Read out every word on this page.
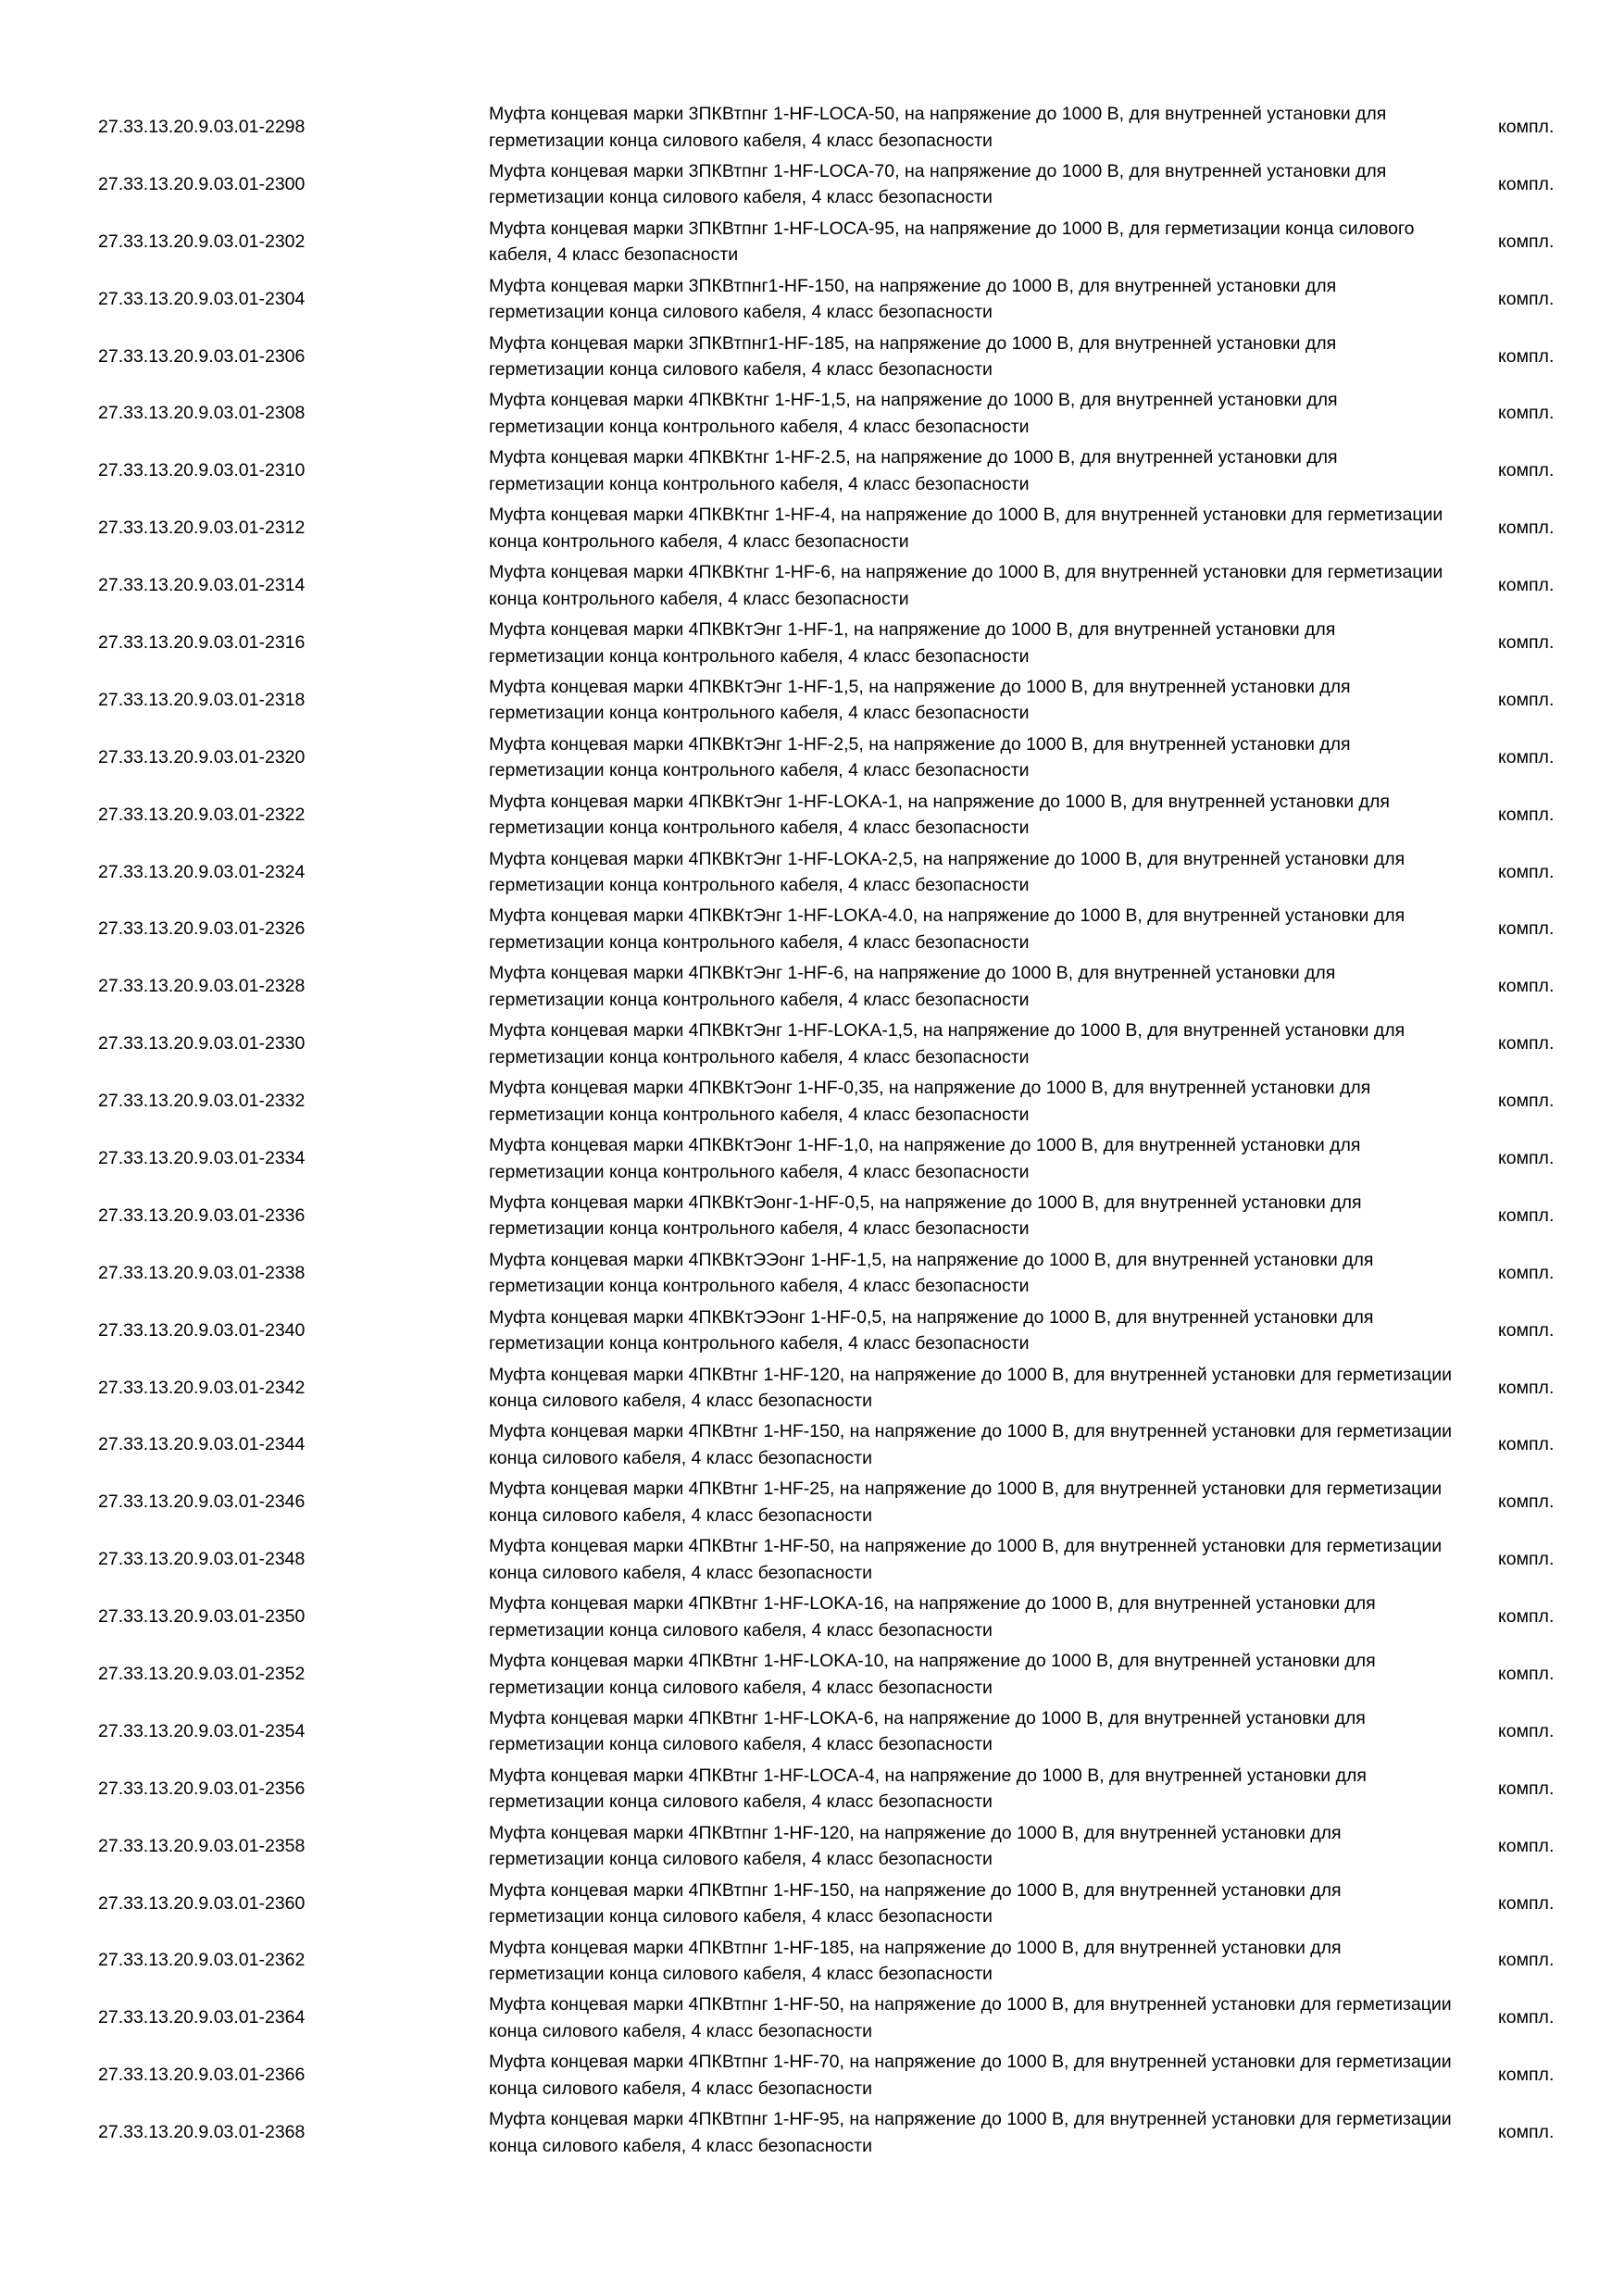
27.33.13.20.9.03.01-2298
Муфта концевая марки 3ПКВтпнг 1-HF-LOCA-50, на напряжение до 1000 В, для внутренней установки для герметизации конца силового кабеля, 4 класс безопасности
компл.
27.33.13.20.9.03.01-2300
Муфта концевая марки 3ПКВтпнг 1-HF-LOCA-70, на напряжение до 1000 В, для внутренней установки для герметизации конца силового кабеля, 4 класс безопасности
компл.
27.33.13.20.9.03.01-2302
Муфта концевая марки 3ПКВтпнг 1-HF-LOCA-95, на напряжение до 1000 В, для герметизации конца силового кабеля, 4 класс безопасности
компл.
27.33.13.20.9.03.01-2304
Муфта концевая марки 3ПКВтпнг1-HF-150, на напряжение до 1000 В, для внутренней установки для герметизации конца силового кабеля, 4 класс безопасности
компл.
27.33.13.20.9.03.01-2306
Муфта концевая марки 3ПКВтпнг1-HF-185, на напряжение до 1000 В, для внутренней установки для герметизации конца силового кабеля, 4 класс безопасности
компл.
27.33.13.20.9.03.01-2308
Муфта концевая марки 4ПКВКтнг 1-HF-1,5, на напряжение до 1000 В, для внутренней установки для герметизации конца контрольного кабеля, 4 класс безопасности
компл.
27.33.13.20.9.03.01-2310
Муфта концевая марки 4ПКВКтнг 1-HF-2.5, на напряжение до 1000 В, для внутренней установки для герметизации конца контрольного кабеля, 4 класс безопасности
компл.
27.33.13.20.9.03.01-2312
Муфта концевая марки 4ПКВКтнг 1-HF-4, на напряжение до 1000 В, для внутренней установки для герметизации конца контрольного кабеля, 4 класс безопасности
компл.
27.33.13.20.9.03.01-2314
Муфта концевая марки 4ПКВКтнг 1-HF-6, на напряжение до 1000 В, для внутренней установки для герметизации конца контрольного кабеля, 4 класс безопасности
компл.
27.33.13.20.9.03.01-2316
Муфта концевая марки 4ПКВКтЭнг 1-HF-1, на напряжение до 1000 В, для внутренней установки для герметизации конца контрольного кабеля, 4 класс безопасности
компл.
27.33.13.20.9.03.01-2318
Муфта концевая марки 4ПКВКтЭнг 1-HF-1,5, на напряжение до 1000 В, для внутренней установки для герметизации конца контрольного кабеля, 4 класс безопасности
компл.
27.33.13.20.9.03.01-2320
Муфта концевая марки 4ПКВКтЭнг 1-HF-2,5, на напряжение до 1000 В, для внутренней установки для герметизации конца контрольного кабеля, 4 класс безопасности
компл.
27.33.13.20.9.03.01-2322
Муфта концевая марки 4ПКВКтЭнг 1-HF-LOKA-1, на напряжение до 1000 В, для внутренней установки для герметизации конца контрольного кабеля, 4 класс безопасности
компл.
27.33.13.20.9.03.01-2324
Муфта концевая марки 4ПКВКтЭнг 1-HF-LOKA-2,5, на напряжение до 1000 В, для внутренней установки для герметизации конца контрольного кабеля, 4 класс безопасности
компл.
27.33.13.20.9.03.01-2326
Муфта концевая марки 4ПКВКтЭнг 1-HF-LOKA-4.0, на напряжение до 1000 В, для внутренней установки для герметизации конца контрольного кабеля, 4 класс безопасности
компл.
27.33.13.20.9.03.01-2328
Муфта концевая марки 4ПКВКтЭнг 1-HF-6, на напряжение до 1000 В, для внутренней установки для герметизации конца контрольного кабеля, 4 класс безопасности
компл.
27.33.13.20.9.03.01-2330
Муфта концевая марки 4ПКВКтЭнг 1-HF-LOKA-1,5, на напряжение до 1000 В, для внутренней установки для герметизации конца контрольного кабеля, 4 класс безопасности
компл.
27.33.13.20.9.03.01-2332
Муфта концевая марки 4ПКВКтЭонг 1-HF-0,35, на напряжение до 1000 В, для внутренней установки для герметизации конца контрольного кабеля, 4 класс безопасности
компл.
27.33.13.20.9.03.01-2334
Муфта концевая марки 4ПКВКтЭонг 1-HF-1,0, на напряжение до 1000 В, для внутренней установки для герметизации конца контрольного кабеля, 4 класс безопасности
компл.
27.33.13.20.9.03.01-2336
Муфта концевая марки 4ПКВКтЭонг-1-HF-0,5, на напряжение до 1000 В, для внутренней установки для герметизации конца контрольного кабеля, 4 класс безопасности
компл.
27.33.13.20.9.03.01-2338
Муфта концевая марки 4ПКВКтЭЭонг 1-HF-1,5, на напряжение до 1000 В, для внутренней установки для герметизации конца контрольного кабеля, 4 класс безопасности
компл.
27.33.13.20.9.03.01-2340
Муфта концевая марки 4ПКВКтЭЭонг 1-HF-0,5, на напряжение до 1000 В, для внутренней установки для герметизации конца контрольного кабеля, 4 класс безопасности
компл.
27.33.13.20.9.03.01-2342
Муфта концевая марки 4ПКВтнг 1-HF-120, на напряжение до 1000 В, для внутренней установки для герметизации конца силового кабеля, 4 класс безопасности
компл.
27.33.13.20.9.03.01-2344
Муфта концевая марки 4ПКВтнг 1-HF-150, на напряжение до 1000 В, для внутренней установки для герметизации конца силового кабеля, 4 класс безопасности
компл.
27.33.13.20.9.03.01-2346
Муфта концевая марки 4ПКВтнг 1-HF-25, на напряжение до 1000 В, для внутренней установки для герметизации конца силового кабеля, 4 класс безопасности
компл.
27.33.13.20.9.03.01-2348
Муфта концевая марки 4ПКВтнг 1-HF-50, на напряжение до 1000 В, для внутренней установки для герметизации конца силового кабеля, 4 класс безопасности
компл.
27.33.13.20.9.03.01-2350
Муфта концевая марки 4ПКВтнг 1-HF-LOKA-16, на напряжение до 1000 В, для внутренней установки для герметизации конца силового кабеля, 4 класс безопасности
компл.
27.33.13.20.9.03.01-2352
Муфта концевая марки 4ПКВтнг 1-HF-LOKA-10, на напряжение до 1000 В, для внутренней установки для герметизации конца силового кабеля, 4 класс безопасности
компл.
27.33.13.20.9.03.01-2354
Муфта концевая марки 4ПКВтнг 1-HF-LOKA-6, на напряжение до 1000 В, для внутренней установки для герметизации конца силового кабеля, 4 класс безопасности
компл.
27.33.13.20.9.03.01-2356
Муфта концевая марки 4ПКВтнг 1-HF-LOCA-4, на напряжение до 1000 В, для внутренней установки для герметизации конца силового кабеля, 4 класс безопасности
компл.
27.33.13.20.9.03.01-2358
Муфта концевая марки 4ПКВтпнг 1-HF-120, на напряжение до 1000 В, для внутренней установки для герметизации конца силового кабеля, 4 класс безопасности
компл.
27.33.13.20.9.03.01-2360
Муфта концевая марки 4ПКВтпнг 1-HF-150, на напряжение до 1000 В, для внутренней установки для герметизации конца силового кабеля, 4 класс безопасности
компл.
27.33.13.20.9.03.01-2362
Муфта концевая марки 4ПКВтпнг 1-HF-185, на напряжение до 1000 В, для внутренней установки для герметизации конца силового кабеля, 4 класс безопасности
компл.
27.33.13.20.9.03.01-2364
Муфта концевая марки 4ПКВтпнг 1-HF-50, на напряжение до 1000 В, для внутренней установки для герметизации конца силового кабеля, 4 класс безопасности
компл.
27.33.13.20.9.03.01-2366
Муфта концевая марки 4ПКВтпнг 1-HF-70, на напряжение до 1000 В, для внутренней установки для герметизации конца силового кабеля, 4 класс безопасности
компл.
27.33.13.20.9.03.01-2368
Муфта концевая марки 4ПКВтпнг 1-HF-95, на напряжение до 1000 В, для внутренней установки для герметизации конца силового кабеля, 4 класс безопасности
компл.
